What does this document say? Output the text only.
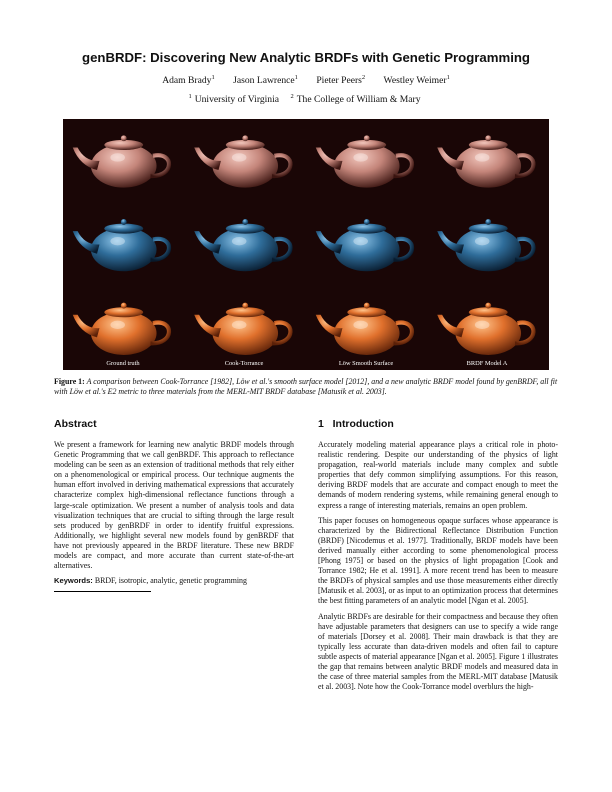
genBRDF: Discovering New Analytic BRDFs with Genetic Programming
Adam Brady$^1$ Jason Lawrence$^1$ Pieter Peers$^2$ Westley Weimer$^1$
$^1$ University of Virginia $^2$ The College of William & Mary
Ground truth	Cook-Torrance	Löw Smooth Surface	BRDF Model A
Figure 1: A comparison between Cook-Torrance [1982], Löw et al.'s smooth surface model [2012], and a new analytic BRDF model found by genBRDF, all fit with Löw et al.'s E2 metric to three materials from the MERL-MIT BRDF database [Matusik et al. 2003].
Abstract

We present a framework for learning new analytic BRDF models through Genetic Programming that we call genBRDF. This approach to reflectance modeling can be seen as an extension of traditional methods that rely either on a phenomenological or empirical process. Our technique augments the human effort involved in deriving mathematical expressions that accurately characterize complex high-dimensional reflectance functions through a large-scale optimization. We present a number of analysis tools and data visualization techniques that are crucial to sifting through the large result sets produced by genBRDF in order to identify fruitful expressions. Additionally, we highlight several new models found by genBRDF that have not previously appeared in the BRDF literature. These new BRDF models are compact, and more accurate than current state-of-the-art alternatives.

Keywords: BRDF, isotropic, analytic, genetic programming

1 Introduction

Accurately modeling material appearance plays a critical role in photo-realistic rendering. Despite our understanding of the physics of light propagation, real-world materials include many complex and subtle properties that defy common simplifying assumptions. For this reason, deriving BRDF models that are accurate and compact enough to meet the demands of modern rendering systems, while remaining general enough to express a range of interesting materials, remains an open problem.

This paper focuses on homogeneous opaque surfaces whose appearance is characterized by the Bidirectional Reflectance Distribution Function (BRDF) [Nicodemus et al. 1977]. Traditionally, BRDF models have been derived manually either according to some phenomenological process [Phong 1975] or based on the physics of light propagation [Cook and Torrance 1982; He et al. 1991]. A more recent trend has been to measure the BRDFs of physical samples and use those measurements either directly [Matusik et al. 2003], or as input to an optimization process that determines the best fitting parameters of an analytic model [Ngan et al. 2005].

Analytic BRDFs are desirable for their compactness and because they often have adjustable parameters that designers can use to specify a wide range of materials [Dorsey et al. 2008]. Their main drawback is that they are typically less accurate than data-driven models and often fail to capture subtle aspects of material appearance [Ngan et al. 2005]. Figure 1 illustrates the gap that remains between analytic BRDF models and measured data in the case of three material samples from the MERL-MIT database [Matusik et al. 2003]. Note how the Cook-Torrance model overblurs the high-
